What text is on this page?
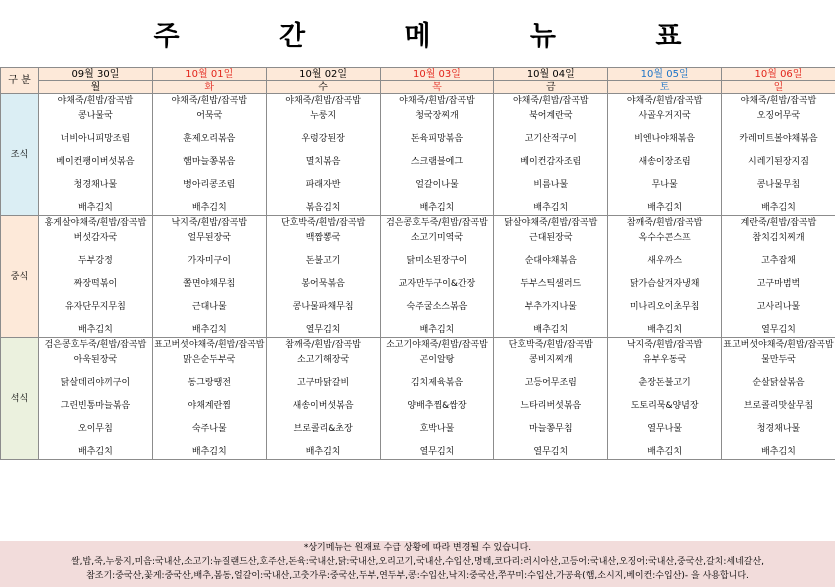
주 간 메 뉴 표
구 분	09월 30일	10월 01일	10월 02일	10월 03일	10월 04일	10월 05일	10월 06일
	월	화	수	목	금	토	일
조식	야채죽/흰밥/잡곡밥	야채죽/흰밥/잡곡밥	야채죽/흰밥/잡곡밥	야채죽/흰밥/잡곡밥	야채죽/흰밥/잡곡밥	야채죽/흰밥/잡곡밥	야채죽/흰밥/잡곡밥
	콩나물국	어묵국	누룽지	청국장찌개	북어계란국	사골우거지국	오징어무국

	너비아니피망조림	훈제오리볶음	우렁강된장	돈육피망볶음	고기산적구이	비엔나야채볶음	카레미트볼야채볶음

	베이컨팽이버섯볶음	햄마늘쫑볶음	멸치볶음	스크램블에그	베이컨감자조림	새송이장조림	시레기된장지짐

	청경채나물	병아리콩조림	파래자반	얼갈이나물	비름나물	무나물	콩나물무침

	배추김치	배추김치	볶음김치	배추김치	배추김치	배추김치	배추김치
중식	홍게살야채죽/흰밥/잡곡밥	낙지죽/흰밥/잡곡밥	단호박죽/흰밥/잡곡밥	검은콩호두죽/흰밥/잡곡밥	닭살야채죽/흰밥/잡곡밥	참깨죽/흰밥/잡곡밥	계란죽/흰밥/잡곡밥
	버섯감자국	얼무된장국	백짬뽕국	소고기미역국	근대된장국	옥수수콘스프	참치김치찌개

	두부강정	가자미구이	돈불고기	닭미소된장구이	순대야채볶음	새우까스	고추잡채

	짜장떡볶이	쫄면야채무침	봉어묵볶음	교자만두구이&간장	두부스틱샐러드	닭가슴살겨자냉채	고구마범벅

	유자단무지무침	근대나물	콩나물파채무침	숙주굴소스볶음	부추가지나물	미나리오이초무침	고사리나물

	배추김치	배추김치	열무김치	배추김치	배추김치	배추김치	열무김치
석식	검은콩호두죽/흰밥/잡곡밥	표고버섯야채죽/흰밥/잡곡밥	참깨죽/흰밥/잡곡밥	소고기야채죽/흰밥/잡곡밥	단호박죽/흰밥/잡곡밥	낙지죽/흰밥/잡곡밥	표고버섯야채죽/흰밥/잡곡밥
	아욱된장국	맑은순두부국	소고기해장국	곤이알탕	콩비지찌개	유부우동국	물만두국

	닭살데리야끼구이	동그랑땡전	고구마닭갈비	김치제육볶음	고등어무조림	춘장돈불고기	순살닭살볶음

	그린빈통마늘볶음	야채계란찜	새송이버섯볶음	양배추찜&쌈장	느타리버섯볶음	도토리묵&양념장	브로콜리맛살무침

	오이무침	숙주나물	브로콜리&초장	호박나물	마늘쫑무침	열무나물	청경채나물

	배추김치	배추김치	배추김치	열무김치	열무김치	배추김치	배추김치
*상기메뉴는 원재료 수급 상황에 따라 변경될 수 있습니다.
쌀,밥,죽,누룽지,미음:국내산,소고기:뉴질랜드산,호주산,돈육:국내산,닭:국내산,오리고기,국내산,수입산,명태,코다리:러시아산,고등어:국내산,오징어:국내산,중국산,갈치:세네갈산,
참조기:중국산,꽃게:중국산,배추,봄동,얼갈이:국내산,고춧가루:중국산,두부,연두부,콩:수입산,낙지:중국산,쭈꾸미:수입산,가공육(햄,소시지,베이컨:수입산)- 을 사용합니다.
